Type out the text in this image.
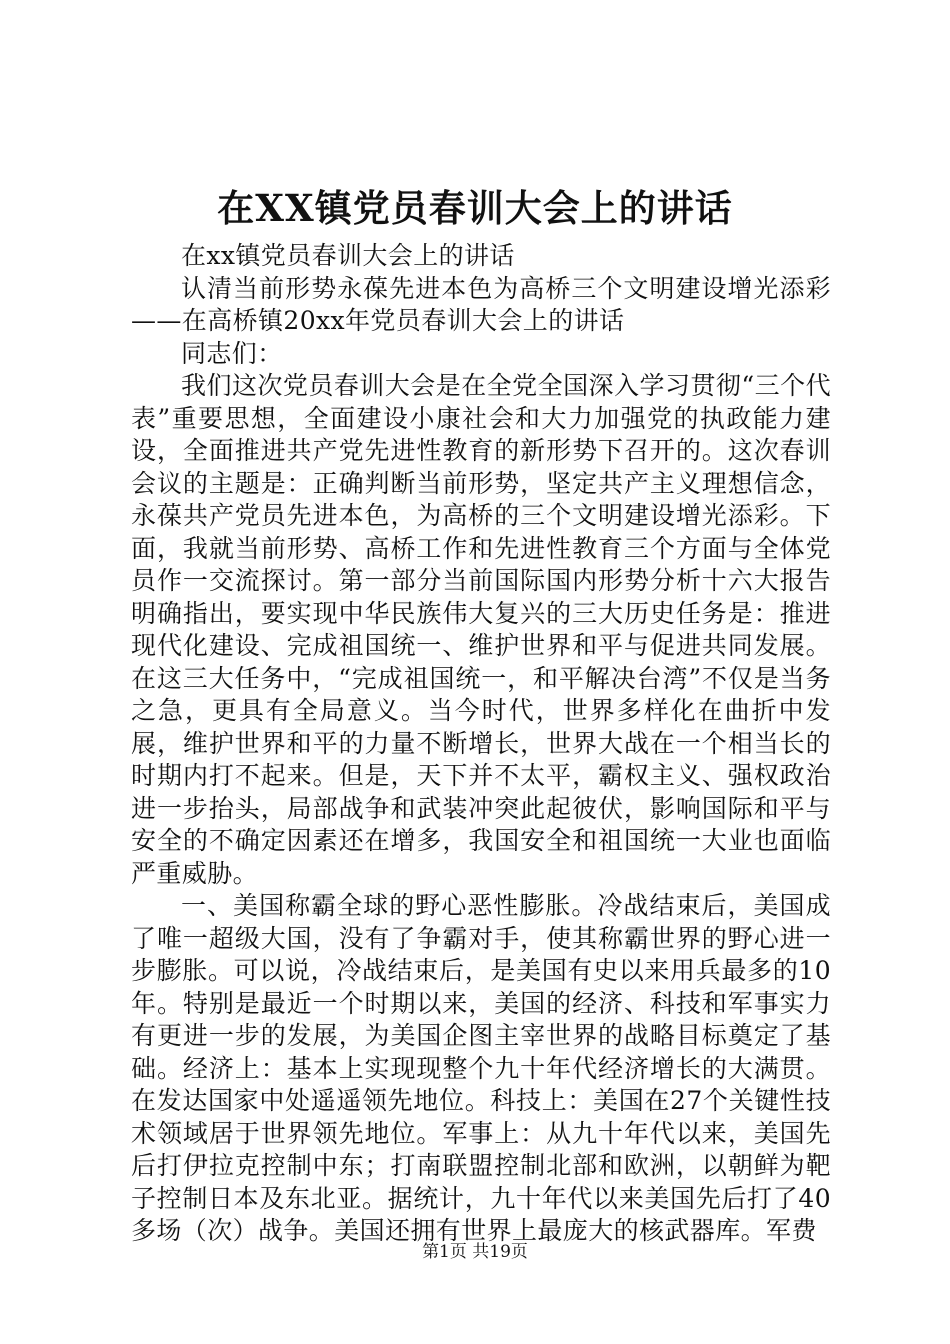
在XX镇党员春训大会上的讲话

在xx镇党员春训大会上的讲话

认清当前形势永葆先进本色为高桥三个文明建设增光添彩——在高桥镇20xx年党员春训大会上的讲话

同志们：

我们这次党员春训大会是在全党全国深入学习贯彻“三个代表”重要思想，全面建设小康社会和大力加强党的执政能力建设，全面推进共产党先进性教育的新形势下召开的。这次春训会议的主题是：正确判断当前形势，坚定共产主义理想信念，永葆共产党员先进本色，为高桥的三个文明建设增光添彩。下面，我就当前形势、高桥工作和先进性教育三个方面与全体党员作一交流探讨。第一部分当前国际国内形势分析十六大报告明确指出，要实现中华民族伟大复兴的三大历史任务是：推进现代化建设、完成祖国统一、维护世界和平与促进共同发展。在这三大任务中，“完成祖国统一，和平解决台湾”不仅是当务之急，更具有全局意义。当今时代，世界多样化在曲折中发展，维护世界和平的力量不断增长，世界大战在一个相当长的时期内打不起来。但是，天下并不太平，霸权主义、强权政治进一步抬头，局部战争和武装冲突此起彼伏，影响国际和平与安全的不确定因素还在增多，我国安全和祖国统一大业也面临严重威胁。

一、美国称霸全球的野心恶性膨胀。冷战结束后，美国成了唯一超级大国，没有了争霸对手，使其称霸世界的野心进一步膨胀。可以说，冷战结束后，是美国有史以来用兵最多的10年。特别是最近一个时期以来，美国的经济、科技和军事实力有更进一步的发展，为美国企图主宰世界的战略目标奠定了基础。经济上：基本上实现现整个九十年代经济增长的大满贯。在发达国家中处遥遥领先地位。科技上：美国在27个关键性技术领域居于世界领先地位。军事上：从九十年代以来，美国先后打伊拉克控制中东；打南联盟控制北部和欧洲，以朝鲜为靶子控制日本及东北亚。据统计，九十年代以来美国先后打了40多场（次）战争。美国还拥有世界上最庞大的核武器库。军费

第1页 共19页
